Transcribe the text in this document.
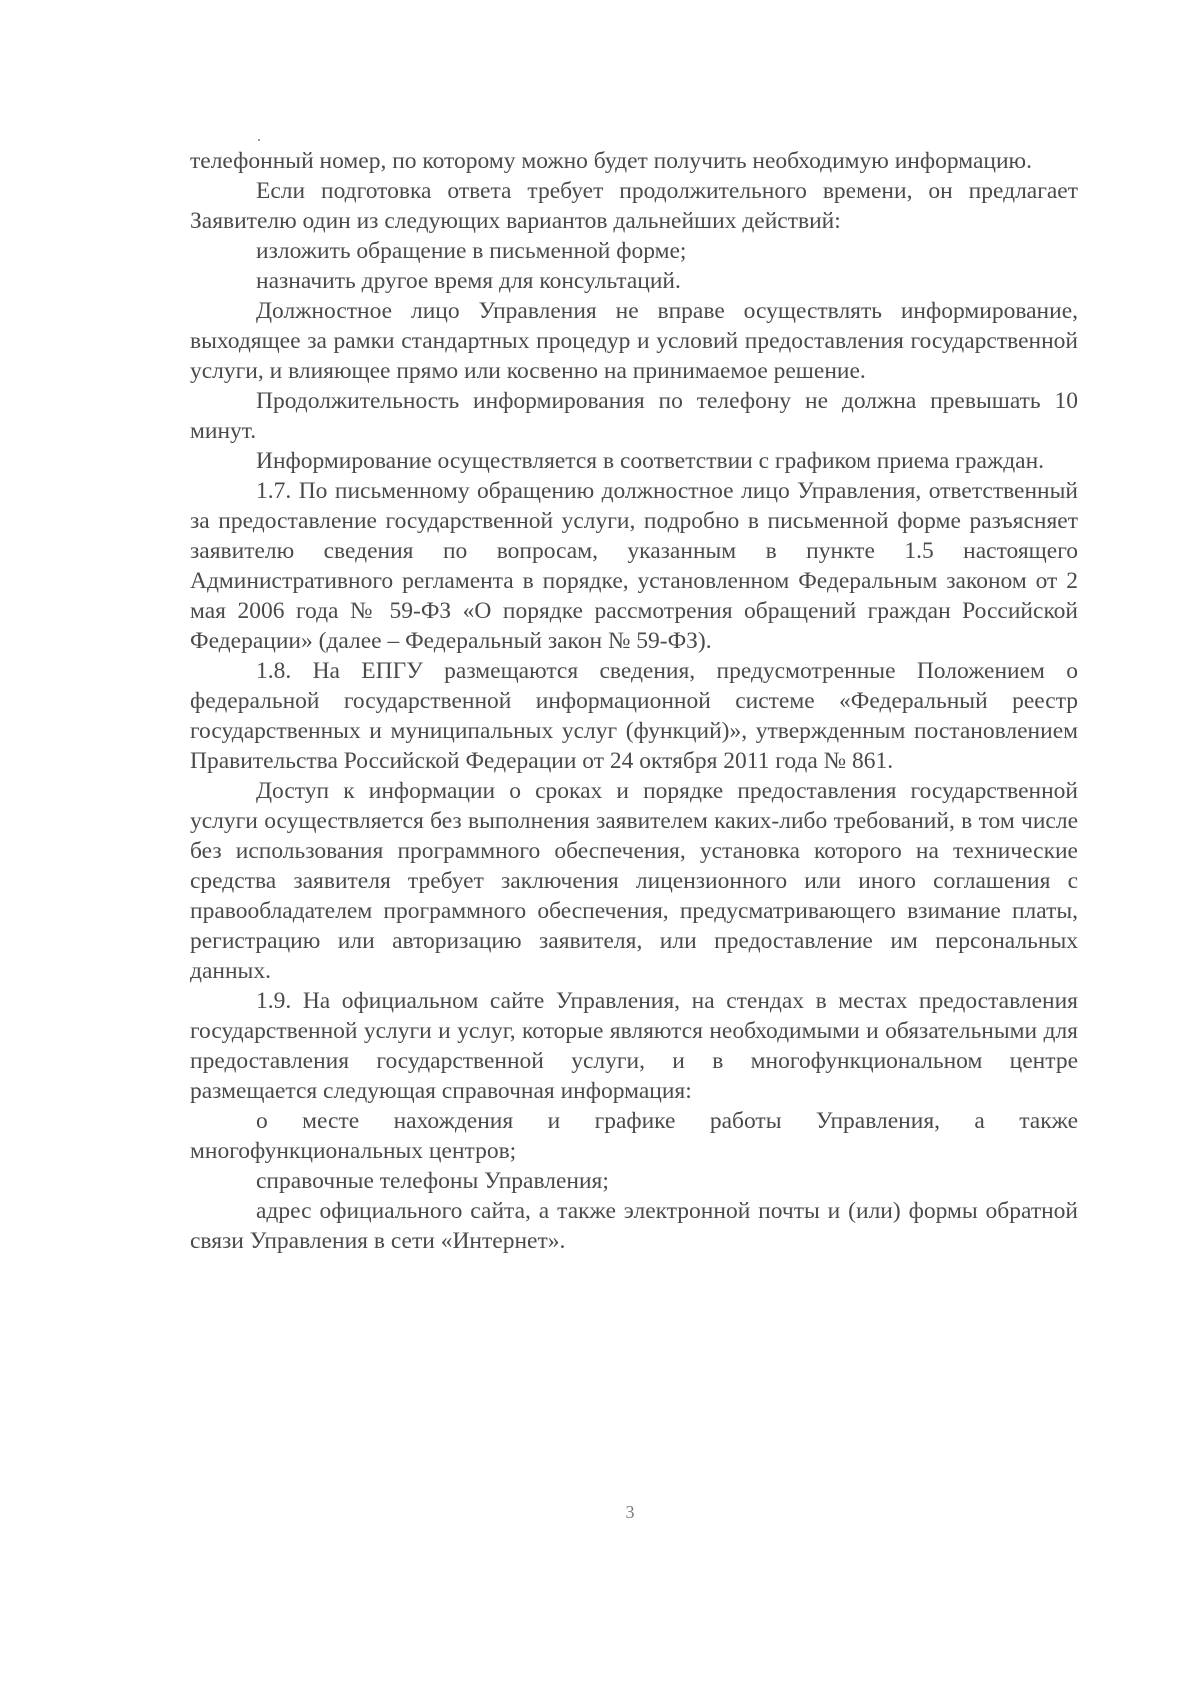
телефонный номер, по которому можно будет получить необходимую информацию.

Если подготовка ответа требует продолжительного времени, он предлагает Заявителю один из следующих вариантов дальнейших действий:

изложить обращение в письменной форме;

назначить другое время для консультаций.

Должностное лицо Управления не вправе осуществлять информирование, выходящее за рамки стандартных процедур и условий предоставления государственной услуги, и влияющее прямо или косвенно на принимаемое решение.

Продолжительность информирования по телефону не должна превышать 10 минут.

Информирование осуществляется в соответствии с графиком приема граждан.

1.7. По письменному обращению должностное лицо Управления, ответственный за предоставление государственной услуги, подробно в письменной форме разъясняет заявителю сведения по вопросам, указанным в пункте 1.5 настоящего Административного регламента в порядке, установленном Федеральным законом от 2 мая 2006 года № 59-ФЗ «О порядке рассмотрения обращений граждан Российской Федерации» (далее – Федеральный закон № 59-ФЗ).

1.8. На ЕПГУ размещаются сведения, предусмотренные Положением о федеральной государственной информационной системе «Федеральный реестр государственных и муниципальных услуг (функций)», утвержденным постановлением Правительства Российской Федерации от 24 октября 2011 года № 861.

Доступ к информации о сроках и порядке предоставления государственной услуги осуществляется без выполнения заявителем каких-либо требований, в том числе без использования программного обеспечения, установка которого на технические средства заявителя требует заключения лицензионного или иного соглашения с правообладателем программного обеспечения, предусматривающего взимание платы, регистрацию или авторизацию заявителя, или предоставление им персональных данных.

1.9. На официальном сайте Управления, на стендах в местах предоставления государственной услуги и услуг, которые являются необходимыми и обязательными для предоставления государственной услуги, и в многофункциональном центре размещается следующая справочная информация:

о месте нахождения и графике работы Управления, а также многофункциональных центров;

справочные телефоны Управления;

адрес официального сайта, а также электронной почты и (или) формы обратной связи Управления в сети «Интернет».

3
